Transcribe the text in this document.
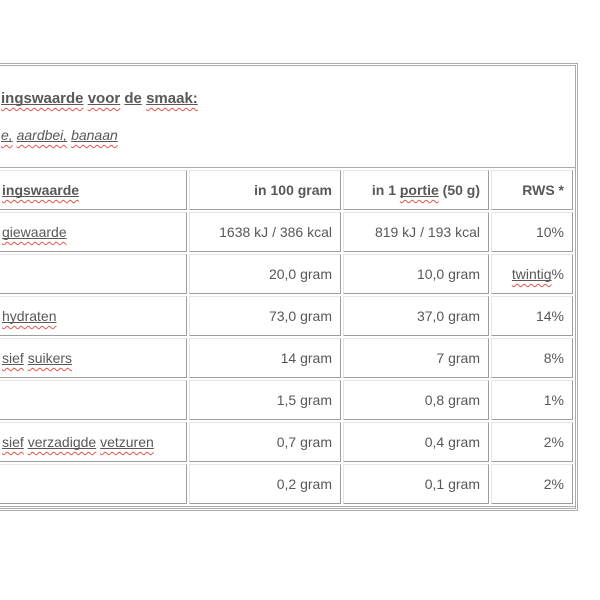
ingswaarde voor de smaak:

e, aardbei, banaan

ingswaarde	in 100 gram	in 1 portie (50 g)	RWS *
giewaarde	1638 kJ / 386 kcal	819 kJ / 193 kcal	10%
	20,0 gram	10,0 gram	twintig%
hydraten	73,0 gram	37,0 gram	14%
sief suikers	14 gram	7 gram	8%
	1,5 gram	0,8 gram	1%
sief verzadigde vetzuren	0,7 gram	0,4 gram	2%
	0,2 gram	0,1 gram	2%
